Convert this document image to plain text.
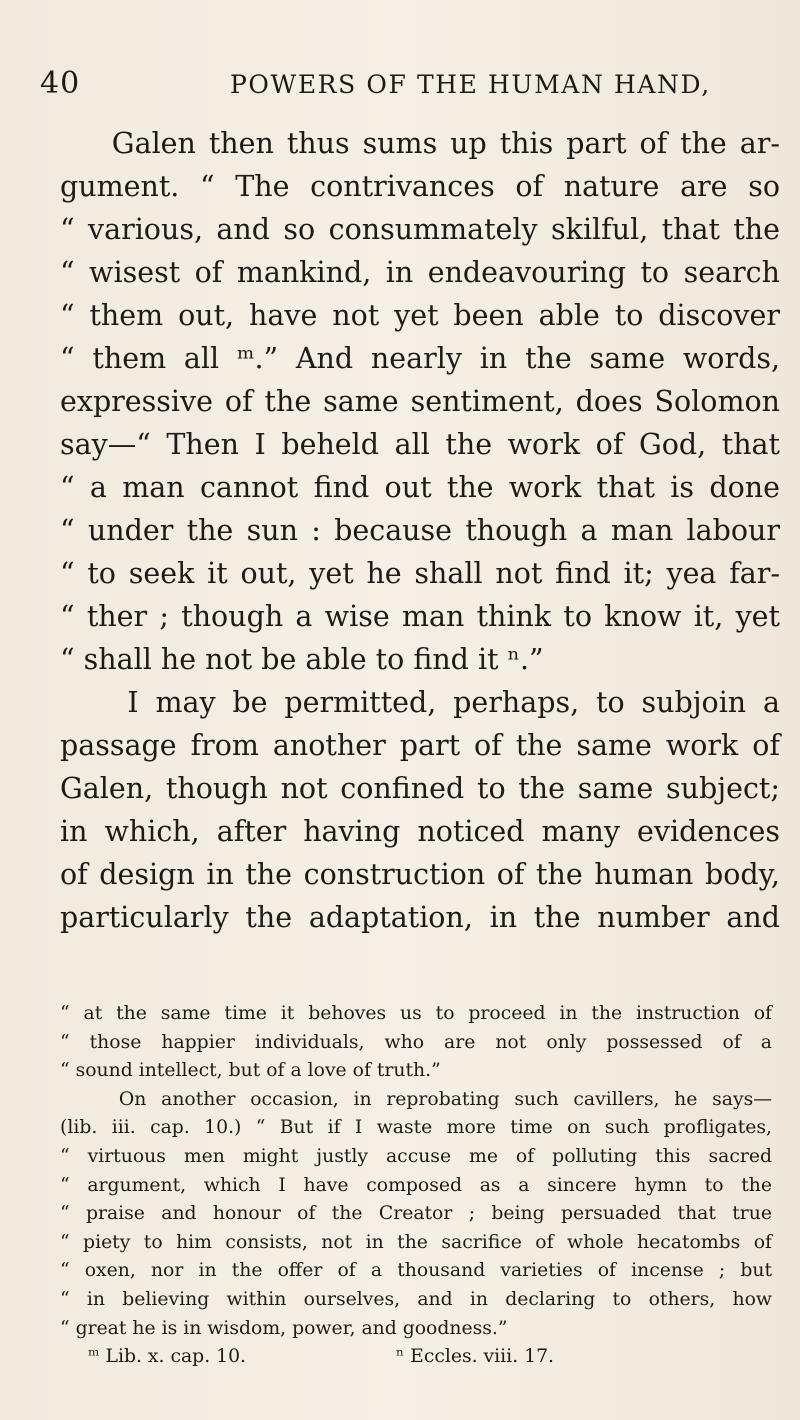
40	POWERS OF THE HUMAN HAND,
Galen then thus sums up this part of the ar-
gument. “ The contrivances of nature are so
“ various, and so consummately skilful, that the
“ wisest of mankind, in endeavouring to search
“ them out, have not yet been able to discover
“ them all ᵐ.” And nearly in the same words,
expressive of the same sentiment, does Solomon
say—“ Then I beheld all the work of God, that
“ a man cannot find out the work that is done
“ under the sun : because though a man labour
“ to seek it out, yet he shall not find it; yea far-
“ ther ; though a wise man think to know it, yet
“ shall he not be able to find it ⁿ.”
I may be permitted, perhaps, to subjoin a
passage from another part of the same work of
Galen, though not confined to the same subject;
in which, after having noticed many evidences
of design in the construction of the human body,
particularly the adaptation, in the number and
“ at the same time it behoves us to proceed in the instruction of
“ those happier individuals, who are not only possessed of a
“ sound intellect, but of a love of truth.”
On another occasion, in reprobating such cavillers, he says—
(lib. iii. cap. 10.) “ But if I waste more time on such profligates,
“ virtuous men might justly accuse me of polluting this sacred
“ argument, which I have composed as a sincere hymn to the
“ praise and honour of the Creator ; being persuaded that true
“ piety to him consists, not in the sacrifice of whole hecatombs of
“ oxen, nor in the offer of a thousand varieties of incense ; but
“ in believing within ourselves, and in declaring to others, how
“ great he is in wisdom, power, and goodness.”
ᵐ Lib. x. cap. 10.	ⁿ Eccles. viii. 17.
